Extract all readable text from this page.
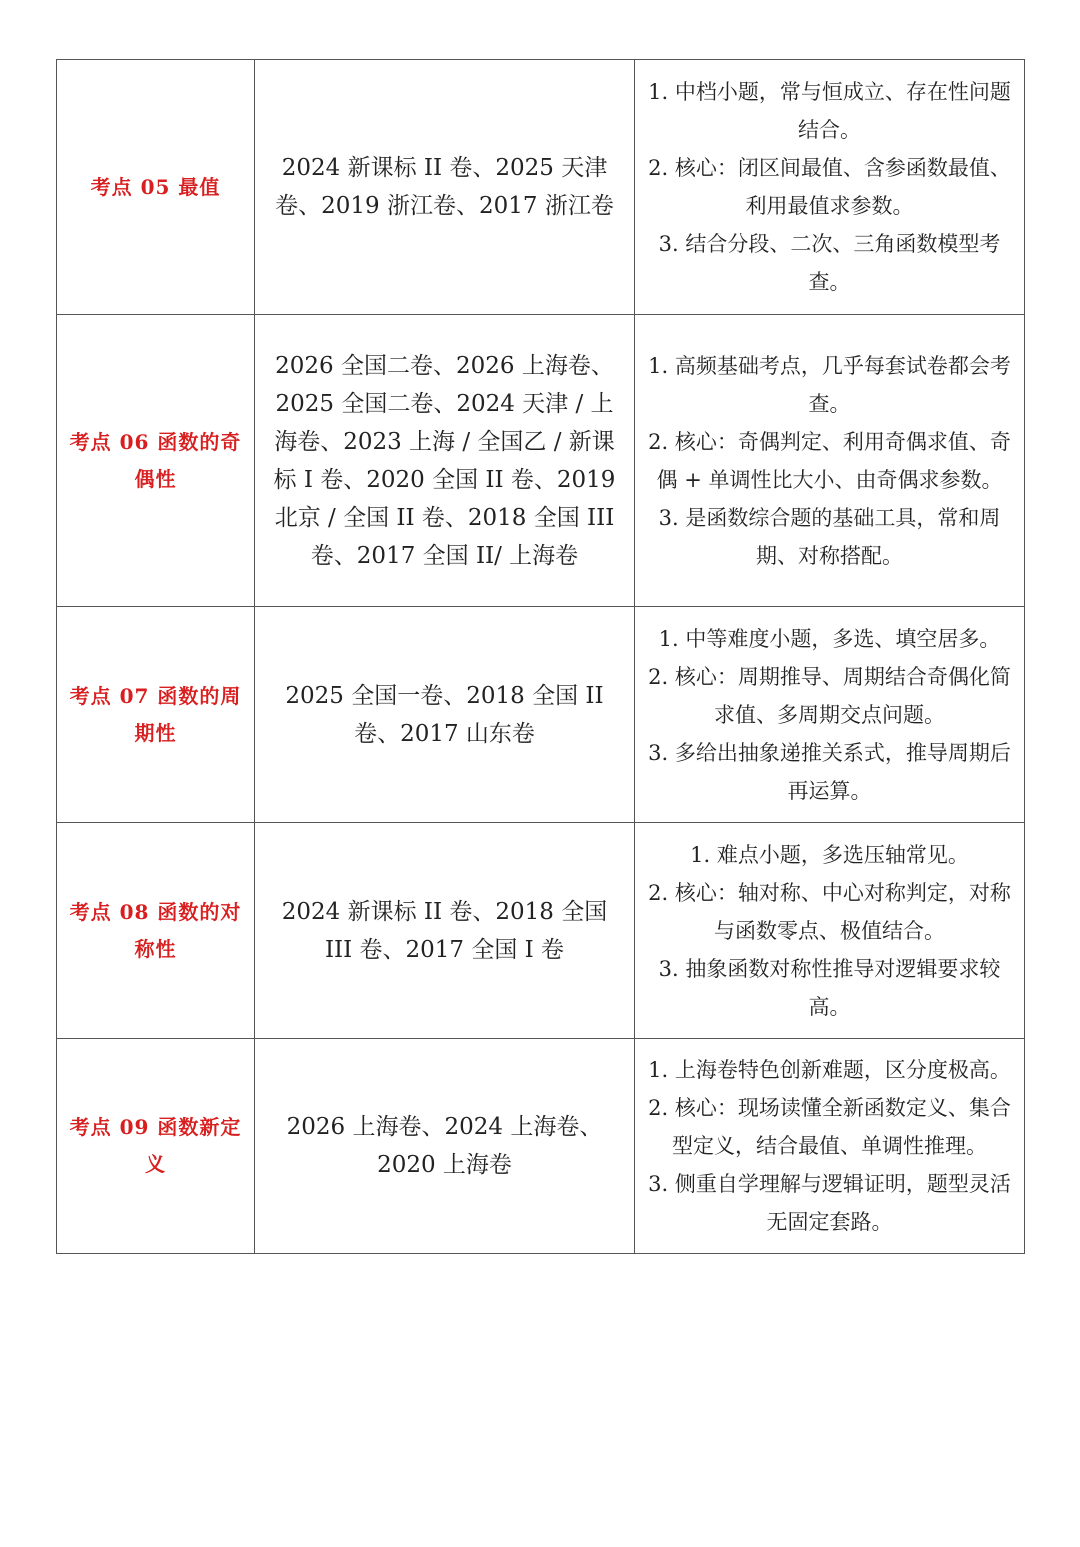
考点 05 最值	2024 新课标 II 卷、2025 天津卷、2019 浙江卷、2017 浙江卷	1. 中档小题，常与恒成立、存在性问题结合。

2. 核心：闭区间最值、含参函数最值、利用最值求参数。

3. 结合分段、二次、三角函数模型考查。

考点 06 函数的奇偶性	2026 全国二卷、2026 上海卷、2025 全国二卷、2024 天津 / 上海卷、2023 上海 / 全国乙 / 新课标 I 卷、2020 全国 II 卷、2019 北京 / 全国 II 卷、2018 全国 III 卷、2017 全国 II/ 上海卷	1. 高频基础考点，几乎每套试卷都会考查。

2. 核心：奇偶判定、利用奇偶求值、奇偶 + 单调性比大小、由奇偶求参数。

3. 是函数综合题的基础工具，常和周期、对称搭配。

考点 07 函数的周期性	2025 全国一卷、2018 全国 II 卷、2017 山东卷	1. 中等难度小题，多选、填空居多。

2. 核心：周期推导、周期结合奇偶化简求值、多周期交点问题。

3. 多给出抽象递推关系式，推导周期后再运算。

考点 08 函数的对称性	2024 新课标 II 卷、2018 全国 III 卷、2017 全国 I 卷	1. 难点小题，多选压轴常见。

2. 核心：轴对称、中心对称判定，对称与函数零点、极值结合。

3. 抽象函数对称性推导对逻辑要求较高。

考点 09 函数新定义	2026 上海卷、2024 上海卷、2020 上海卷	1. 上海卷特色创新难题，区分度极高。

2. 核心：现场读懂全新函数定义、集合型定义，结合最值、单调性推理。

3. 侧重自学理解与逻辑证明，题型灵活无固定套路。
